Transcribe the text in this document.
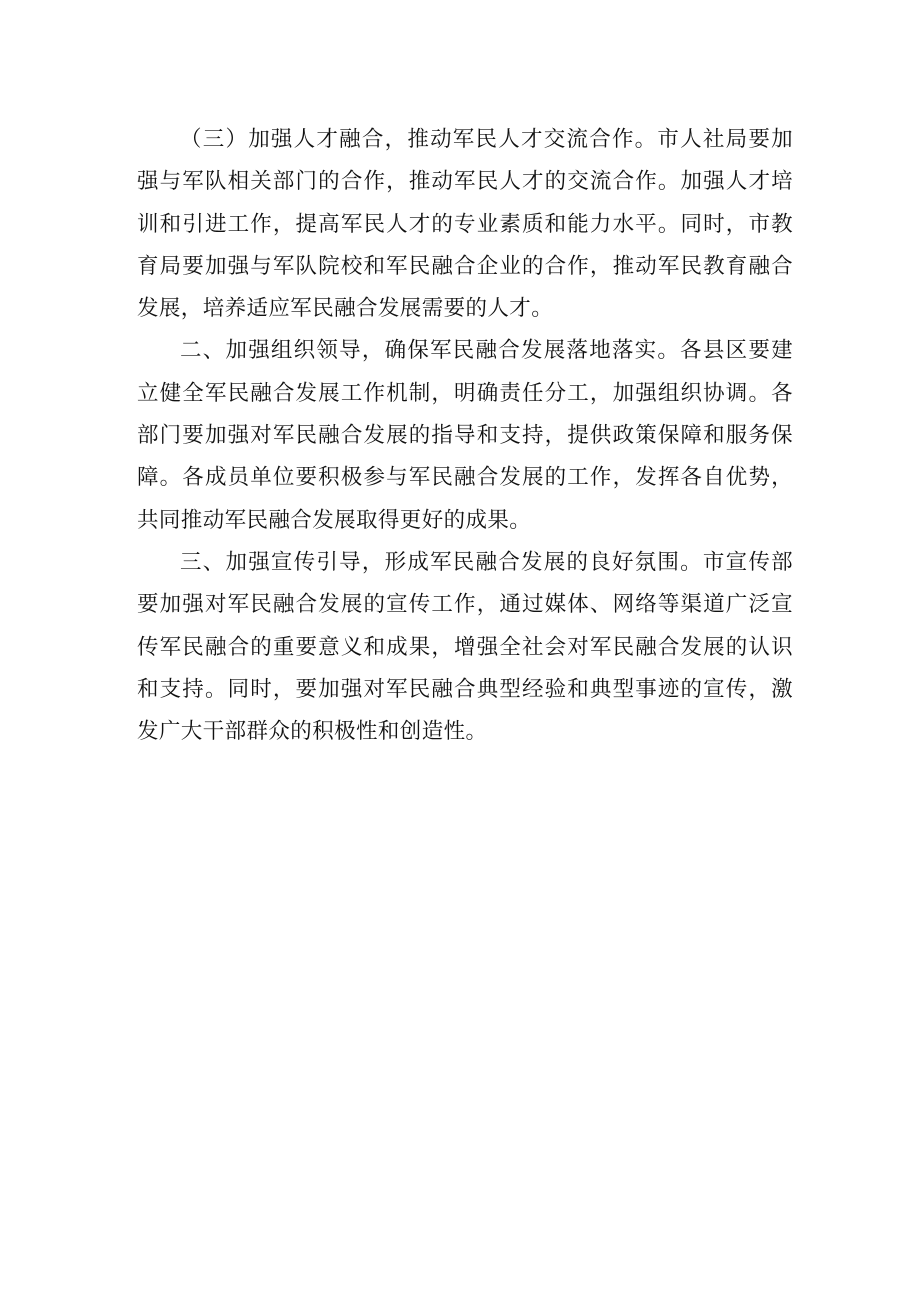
（三）加强人才融合，推动军民人才交流合作。市人社局要加强与军队相关部门的合作，推动军民人才的交流合作。加强人才培训和引进工作，提高军民人才的专业素质和能力水平。同时，市教育局要加强与军队院校和军民融合企业的合作，推动军民教育融合发展，培养适应军民融合发展需要的人才。

二、加强组织领导，确保军民融合发展落地落实。各县区要建立健全军民融合发展工作机制，明确责任分工，加强组织协调。各部门要加强对军民融合发展的指导和支持，提供政策保障和服务保障。各成员单位要积极参与军民融合发展的工作，发挥各自优势，共同推动军民融合发展取得更好的成果。

三、加强宣传引导，形成军民融合发展的良好氛围。市宣传部要加强对军民融合发展的宣传工作，通过媒体、网络等渠道广泛宣传军民融合的重要意义和成果，增强全社会对军民融合发展的认识和支持。同时，要加强对军民融合典型经验和典型事迹的宣传，激发广大干部群众的积极性和创造性。
